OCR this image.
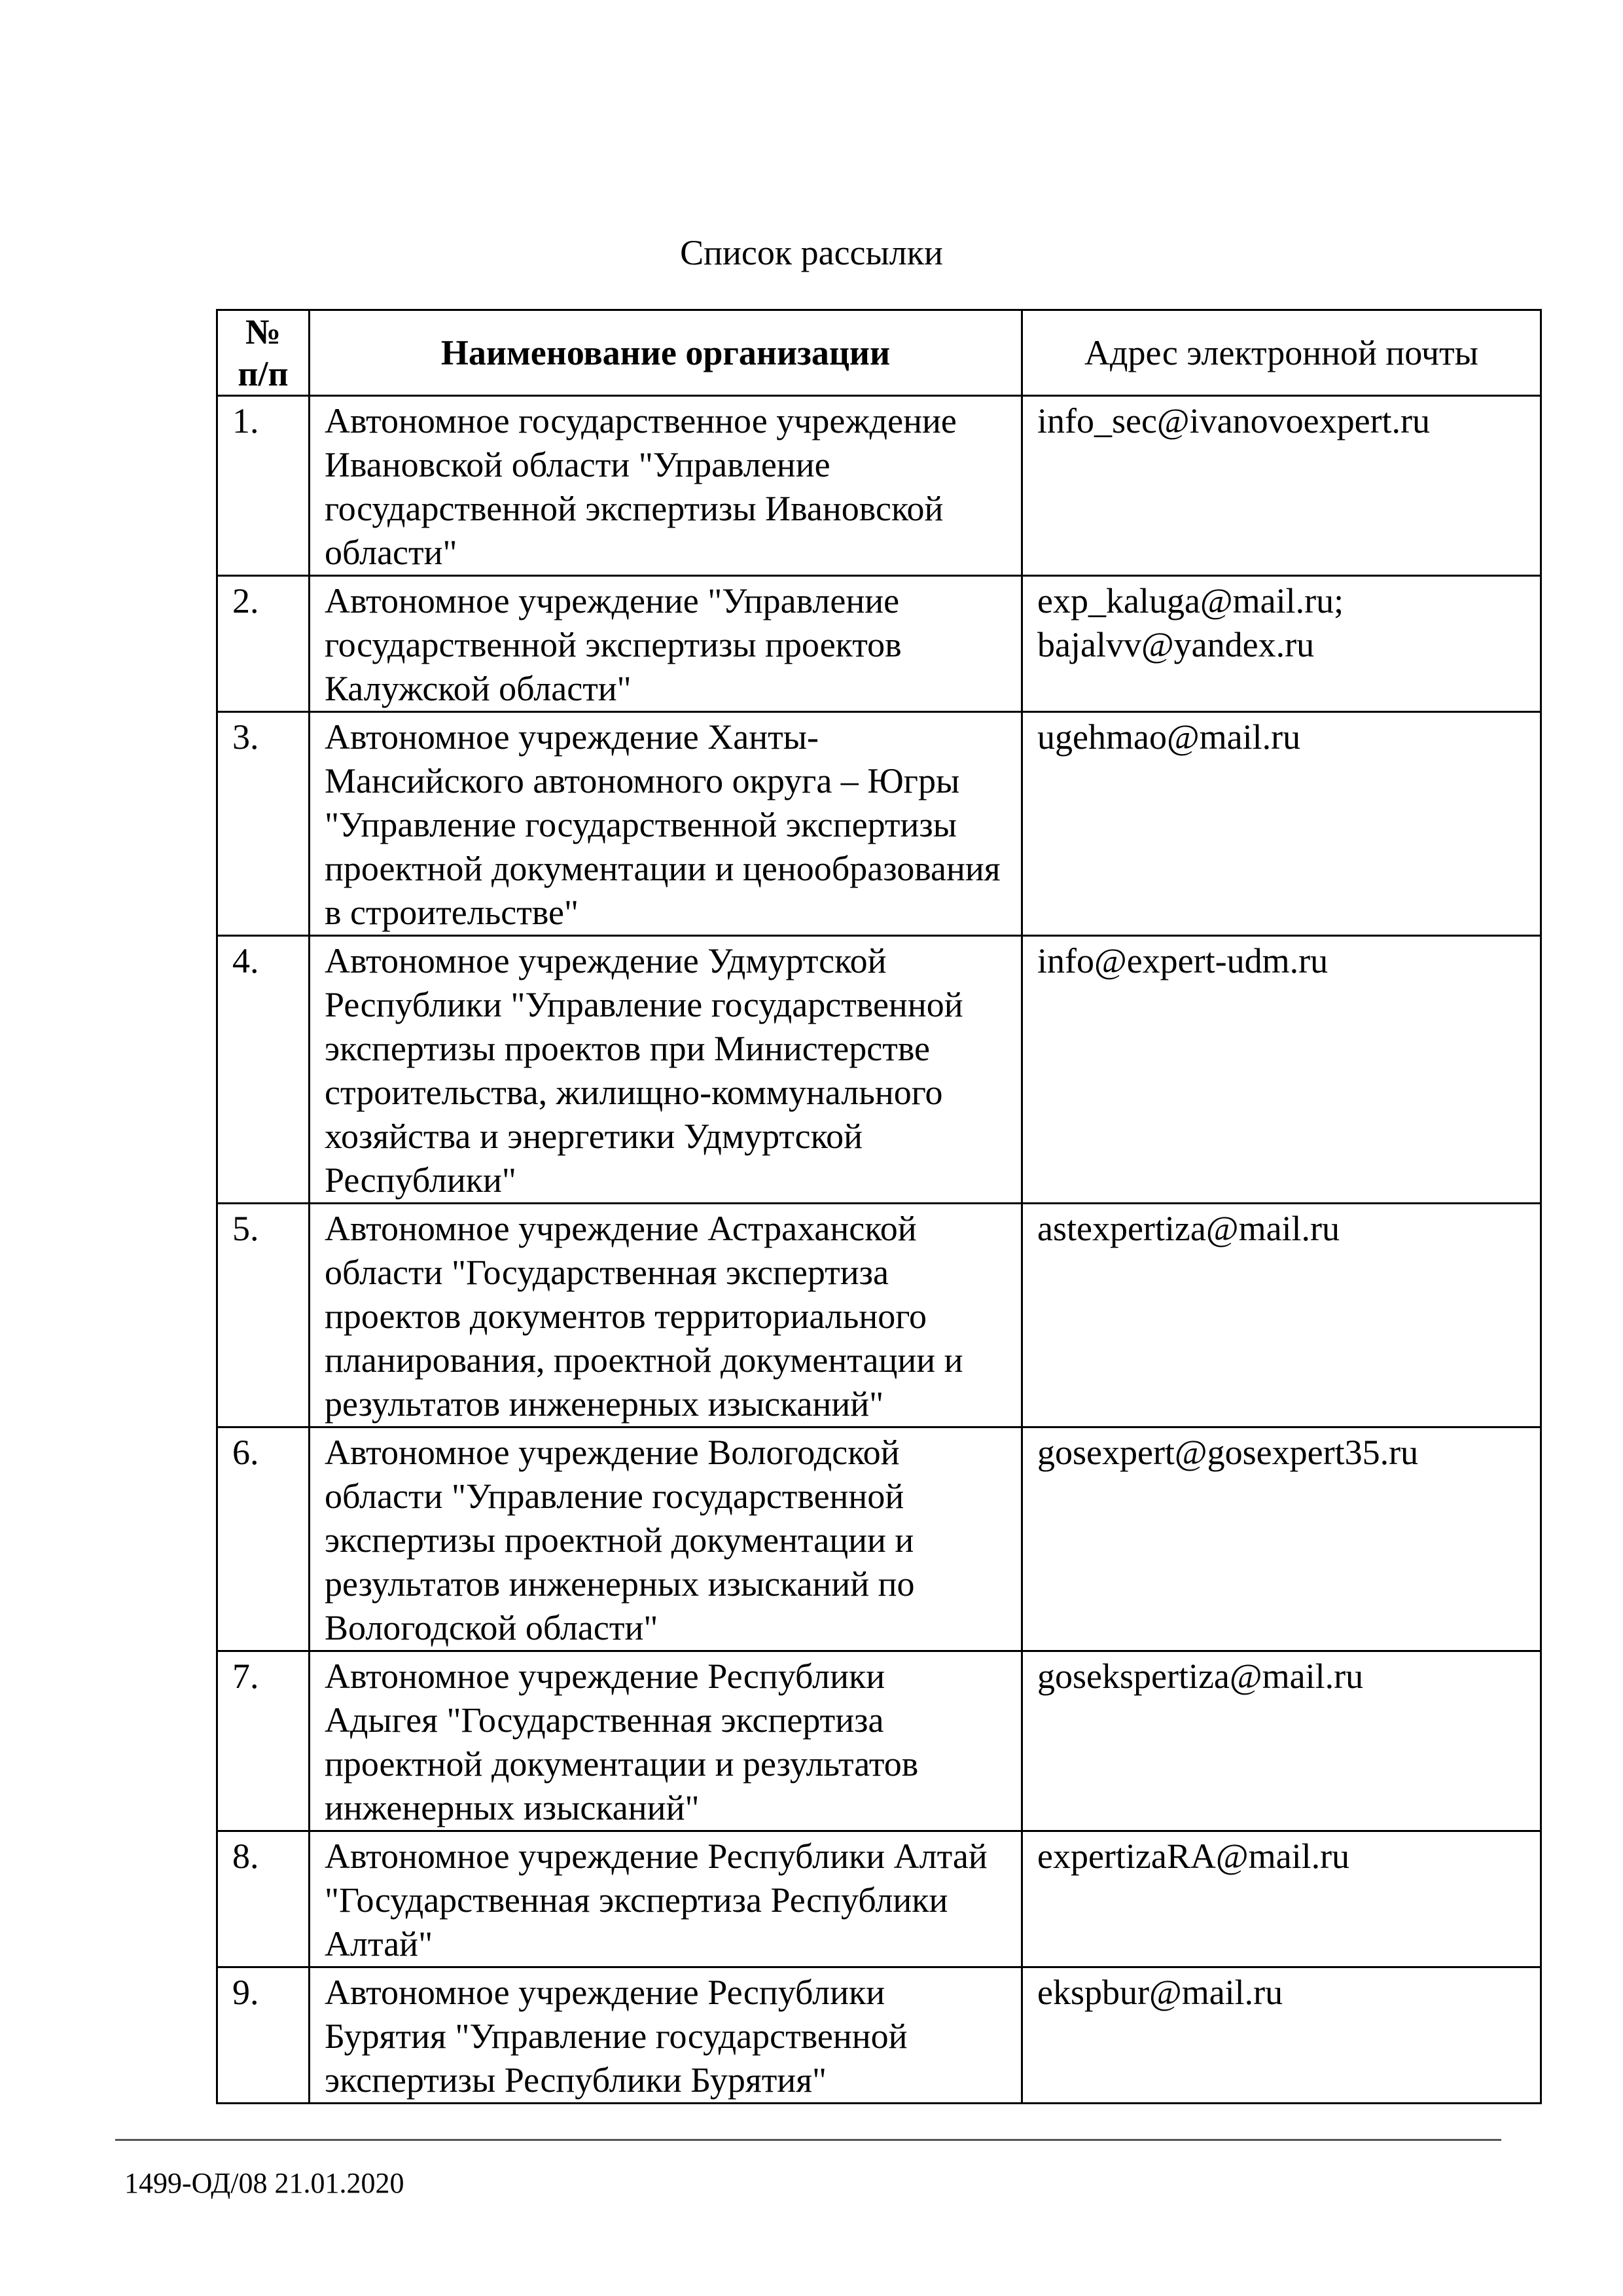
Список рассылки
№
п/п	Наименование организации	Адрес электронной почты
1.	Автономное государственное учреждение Ивановской области "Управление государственной экспертизы Ивановской области"	info_sec@ivanovoexpert.ru
2.	Автономное учреждение "Управление государственной экспертизы проектов Калужской области"	exp_kaluga@mail.ru;
bajalvv@yandex.ru
3.	Автономное учреждение Ханты-Мансийского автономного округа – Югры "Управление государственной экспертизы проектной документации и ценообразования в строительстве"	ugehmao@mail.ru
4.	Автономное учреждение Удмуртской Республики "Управление государственной экспертизы проектов при Министерстве строительства, жилищно-коммунального хозяйства и энергетики Удмуртской Республики"	info@expert-udm.ru
5.	Автономное учреждение Астраханской области "Государственная экспертиза проектов документов территориального планирования, проектной документации и результатов инженерных изысканий"	astexpertiza@mail.ru
6.	Автономное учреждение Вологодской области "Управление государственной экспертизы проектной документации и результатов инженерных изысканий по Вологодской области"	gosexpert@gosexpert35.ru
7.	Автономное учреждение Республики Адыгея "Государственная экспертиза проектной документации и результатов инженерных изысканий"	gosekspertiza@mail.ru
8.	Автономное учреждение Республики Алтай "Государственная экспертиза Республики Алтай"	expertizaRA@mail.ru
9.	Автономное учреждение Республики Бурятия "Управление государственной экспертизы Республики Бурятия"	ekspbur@mail.ru
1499-ОД/08 21.01.2020
